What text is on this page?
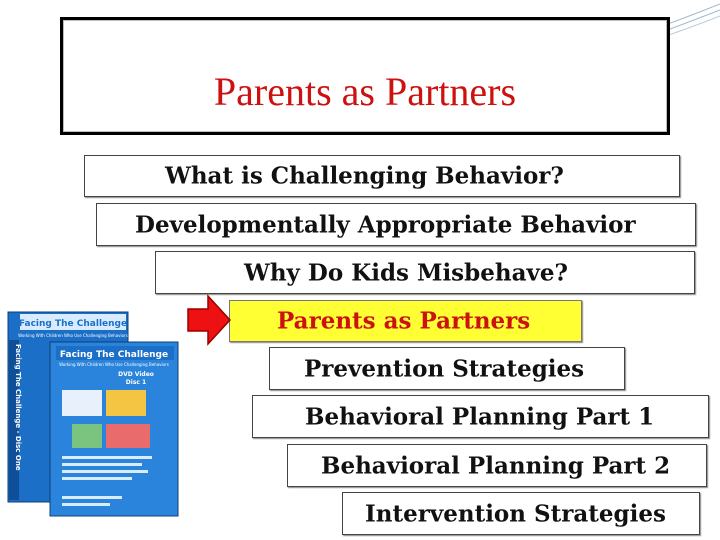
Parents as Partners
What is Challenging Behavior?
Developmentally Appropriate Behavior
Why Do Kids Misbehave?
Parents as Partners
Prevention Strategies
Behavioral Planning Part 1
Behavioral Planning Part 2
Intervention Strategies
Facing The Challenge
Working With Children Who Use Challenging Behaviors
Facing The Challenge - Disc One	Facing The Challenge
Working With Children Who Use Challenging Behaviors
DVD Video
Disc 1
